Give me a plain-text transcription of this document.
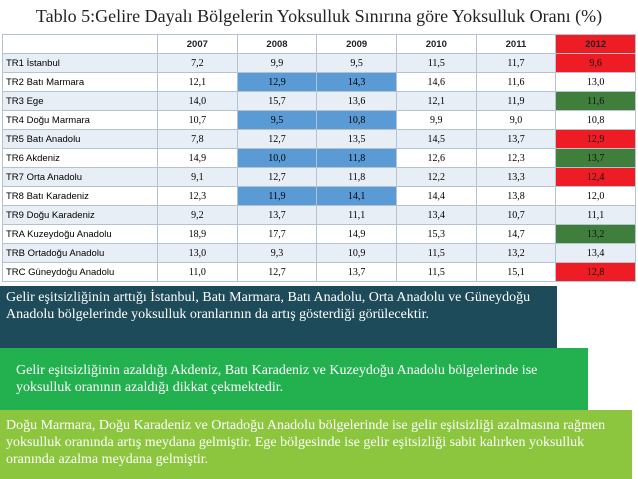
Tablo 5:Gelire Dayalı Bölgelerin Yoksulluk Sınırına göre Yoksulluk Oranı (%)
	2007	2008	2009	2010	2011	2012
TR1 İstanbul	7,2	9,9	9,5	11,5	11,7	9,6
TR2 Batı Marmara	12,1	12,9	14,3	14,6	11,6	13,0
TR3 Ege	14,0	15,7	13,6	12,1	11,9	11,6
TR4 Doğu Marmara	10,7	9,5	10,8	9,9	9,0	10,8
TR5 Batı Anadolu	7,8	12,7	13,5	14,5	13,7	12,9
TR6 Akdeniz	14,9	10,0	11,8	12,6	12,3	13,7
TR7 Orta Anadolu	9,1	12,7	11,8	12,2	13,3	12,4
TR8 Batı Karadeniz	12,3	11,9	14,1	14,4	13,8	12,0
TR9 Doğu Karadeniz	9,2	13,7	11,1	13,4	10,7	11,1
TRA Kuzeydoğu Anadolu	18,9	17,7	14,9	15,3	14,7	13,2
TRB Ortadoğu Anadolu	13,0	9,3	10,9	11,5	13,2	13,4
TRC Güneydoğu Anadolu	11,0	12,7	13,7	11,5	15,1	12,8
Gelir eşitsizliğinin arttığı İstanbul, Batı Marmara, Batı Anadolu, Orta Anadolu ve Güneydoğu Anadolu bölgelerinde yoksulluk oranlarının da artış gösterdiği görülecektir.
Gelir eşitsizliğinin azaldığı Akdeniz, Batı Karadeniz ve Kuzeydoğu Anadolu bölgelerinde ise yoksulluk oranının azaldığı dikkat çekmektedir.
Doğu Marmara, Doğu Karadeniz ve Ortadoğu Anadolu bölgelerinde ise gelir eşitsizliği azalmasına rağmen yoksulluk oranında artış meydana gelmiştir. Ege bölgesinde ise gelir eşitsizliği sabit kalırken yoksulluk oranında azalma meydana gelmiştir.
